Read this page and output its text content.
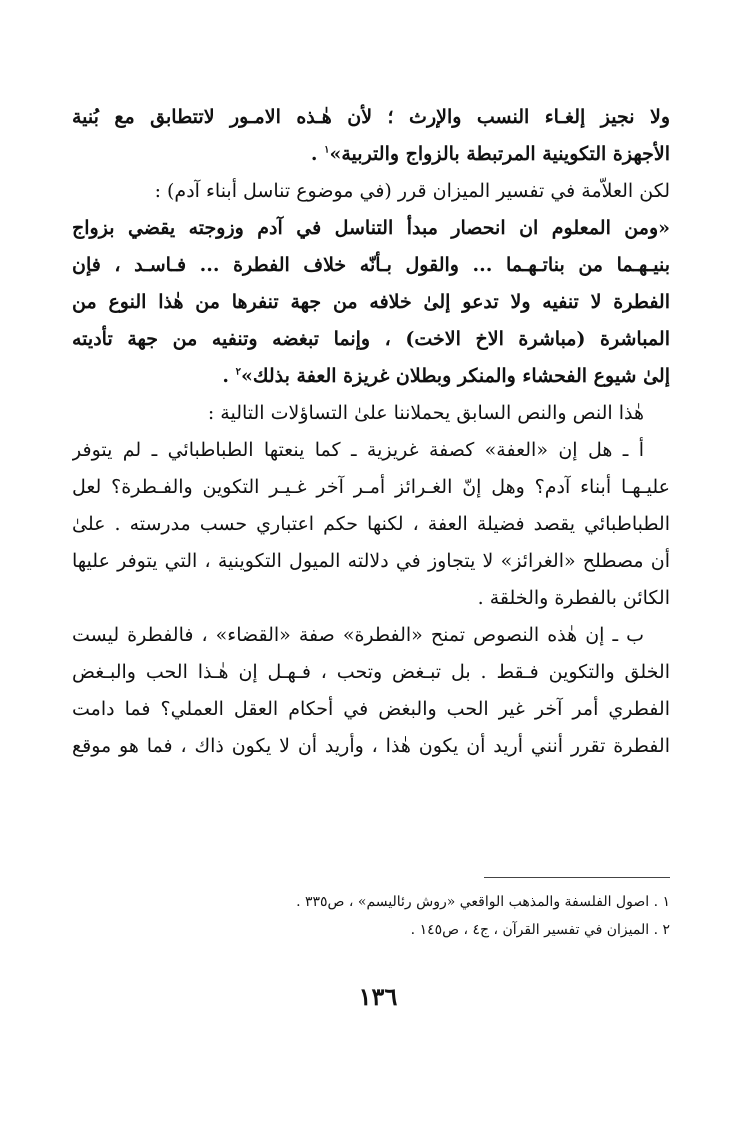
ولا نجيز إلغـاء النسب والإرث ؛ لأن هٰـذه الامـور لاتتطابق مع بُنية
الأجهزة التكوينية المرتبطة بالزواج والتربية»$^١$ .
لكن العلاّمة في تفسير الميزان قرر (في موضوع تناسل أبناء آدم) :
«ومن المعلوم ان انحصار مبدأ التناسل في آدم وزوجته يقضي بزواج
بنيـهـما من بناتـهـما ... والقول بـأنّه خلاف الفطرة ... فـاسـد ، فإن
الفطرة لا تنفيه ولا تدعو إلىٰ خلافه من جهة تنفرها من هٰذا النوع من
المباشرة (مباشرة الاخ الاخت) ، وإنما تبغضه وتنفيه من جهة تأديته
إلىٰ شيوع الفحشاء والمنكر وبطلان غريزة العفة بذلك»$^٢$ .
هٰذا النص والنص السابق يحملاننا علىٰ التساؤلات التالية :
أ ـ هل إن «العفة» كصفة غريزية ـ كما ينعتها الطباطبائي ـ لم يتوفر
عليـهـا أبناء آدم؟ وهل إنّ الغـرائز أمـر آخر غـيـر التكوين والفـطرة؟ لعل
الطباطبائي يقصد فضيلة العفة ، لكنها حكم اعتباري حسب مدرسته . علىٰ
أن مصطلح «الغرائز» لا يتجاوز في دلالته الميول التكوينية ، التي يتوفر عليها
الكائن بالفطرة والخلقة .
ب ـ إن هٰذه النصوص تمنح «الفطرة» صفة «القضاء» ، فالفطرة ليست
الخلق والتكوين فـقط . بل تبـغض وتحب ، فـهـل إن هٰـذا الحب والبـغض
الفطري أمر آخر غير الحب والبغض في أحكام العقل العملي؟ فما دامت
الفطرة تقرر أنني أريد أن يكون هٰذا ، وأريد أن لا يكون ذاك ، فما هو موقع
١ . اصول الفلسفة والمذهب الواقعي «روش رئاليسم» ، ص٣٣٥ .
٢ . الميزان في تفسير القرآن ، ج٤ ، ص١٤٥ .
١٣٦
